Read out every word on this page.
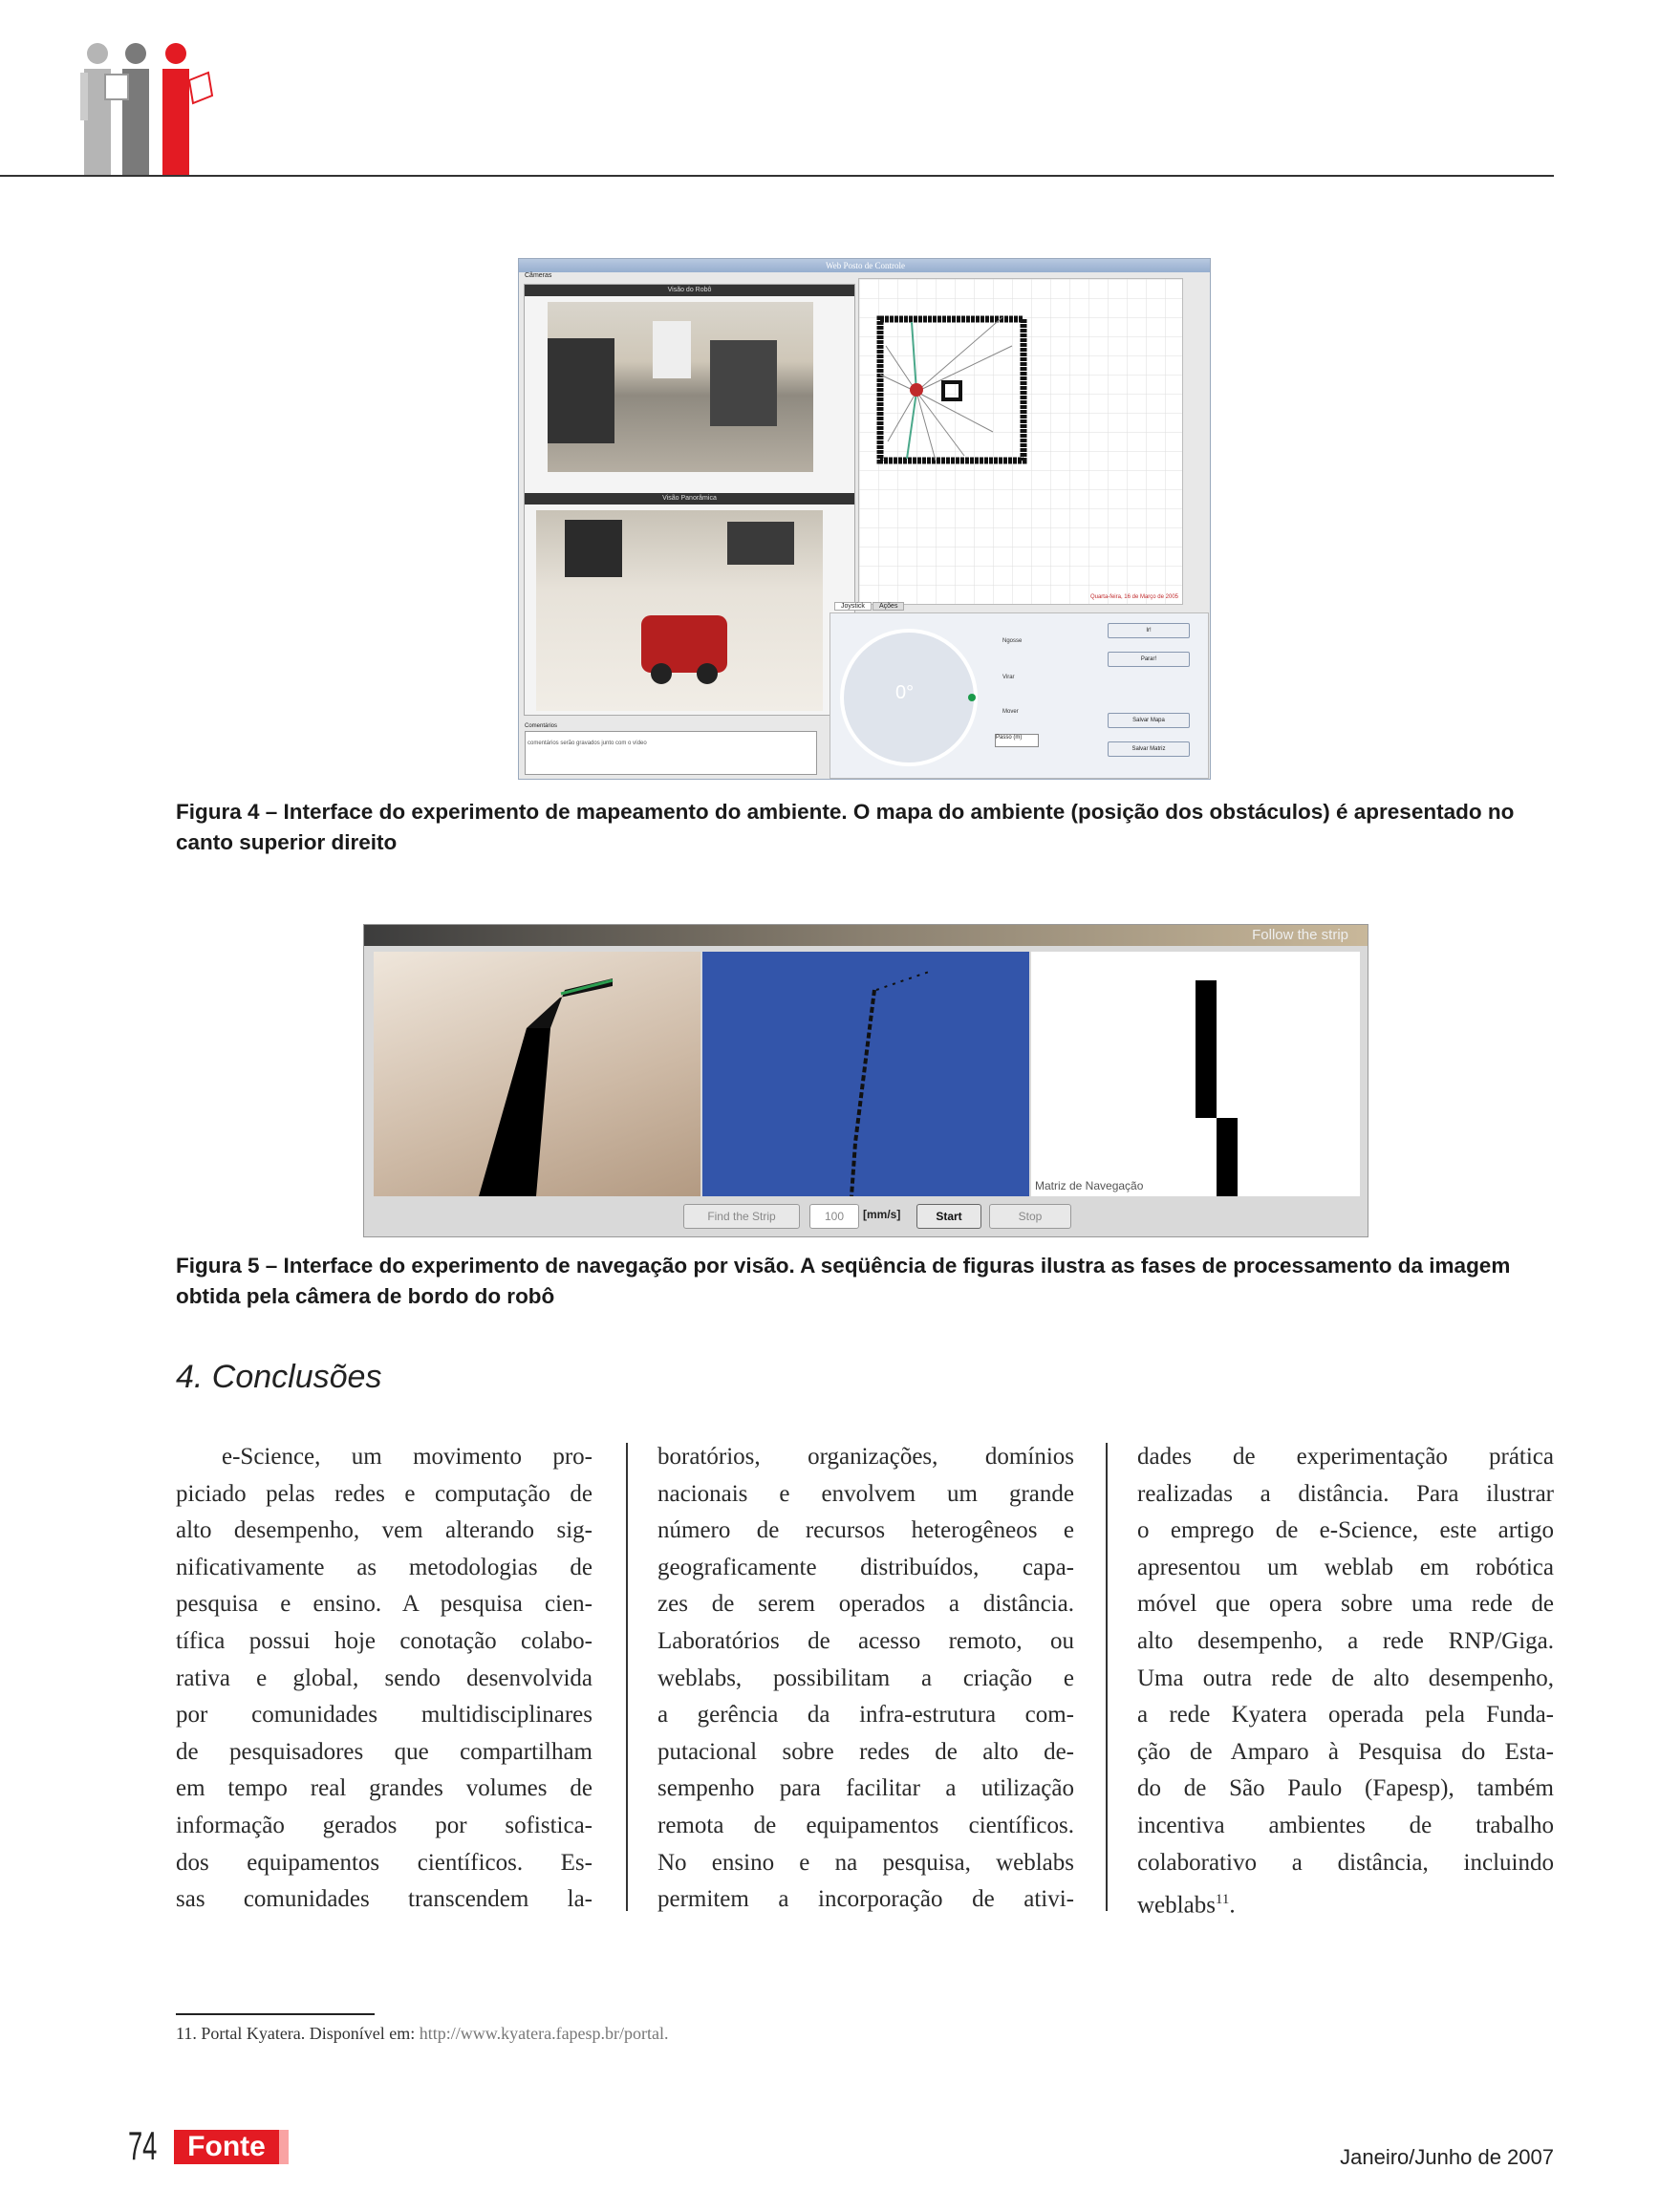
Web Posto de Controle
Câmeras
Visão do Robô
Visão Panorâmica
Comentários
comentários serão gravados junto com o vídeo
Quarta-feira, 16 de Março de 2005
Joystick	Ações
0°
Ngosse
Virar
Mover
Passo (m)
Ir!
Parar!
Salvar Mapa
Salvar Matriz
Figura 4 – Interface do experimento de mapeamento do ambiente. O mapa do ambiente (posição dos obstáculos) é apresentado no canto superior direito
Follow the strip
Matriz de Navegação
Find the Strip	100	[mm/s]	Start	Stop
Figura 5 – Interface do experimento de navegação por visão. A seqüência de figuras ilustra as fases de processamento da imagem obtida pela câmera de bordo do robô
4. Conclusões
e-Science, um movimento pro-
piciado pelas redes e computação de
alto desempenho, vem alterando sig-
nificativamente as metodologias de
pesquisa e ensino. A pesquisa cien-
tífica possui hoje conotação colabo-
rativa e global, sendo desenvolvida
por comunidades multidisciplinares
de pesquisadores que compartilham
em tempo real grandes volumes de
informação gerados por sofistica-
dos equipamentos científicos. Es-
sas comunidades transcendem la-
boratórios, organizações, domínios
nacionais e envolvem um grande
número de recursos heterogêneos e
geograficamente distribuídos, capa-
zes de serem operados a distância.
Laboratórios de acesso remoto, ou
weblabs, possibilitam a criação e
a gerência da infra-estrutura com-
putacional sobre redes de alto de-
sempenho para facilitar a utilização
remota de equipamentos científicos.
No ensino e na pesquisa, weblabs
permitem a incorporação de ativi-
dades de experimentação prática
realizadas a distância. Para ilustrar
o emprego de e-Science, este artigo
apresentou um weblab em robótica
móvel que opera sobre uma rede de
alto desempenho, a rede RNP/Giga.
Uma outra rede de alto desempenho,
a rede Kyatera operada pela Funda-
ção de Amparo à Pesquisa do Esta-
do de São Paulo (Fapesp), também
incentiva ambientes de trabalho
colaborativo a distância, incluindo
weblabs$^{11}$.
11. Portal Kyatera. Disponível em: http://www.kyatera.fapesp.br/portal.
74	Fonte	Janeiro/Junho de 2007
